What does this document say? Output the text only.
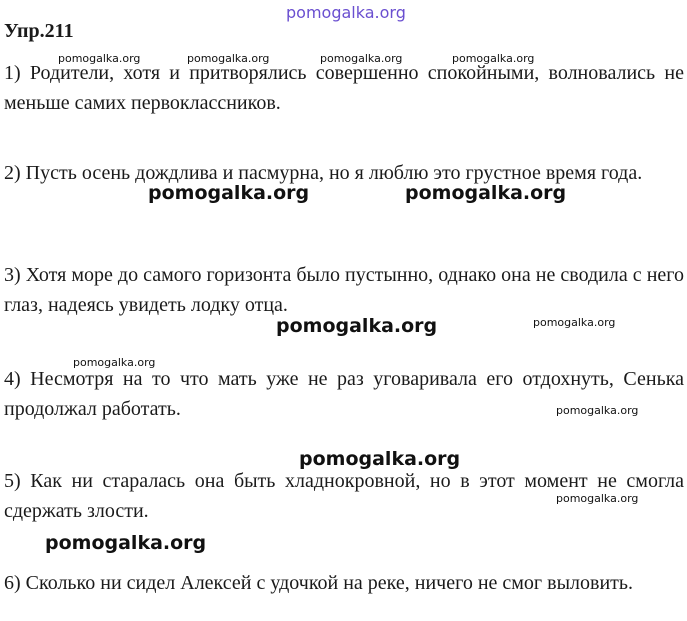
pomogalka.org
Упр.211
1) Родители, хотя и притворялись совершенно спокойными, волновались не меньше самих первоклассников.
2) Пусть осень дождлива и пасмурна, но я люблю это грустное время года.
3) Хотя море до самого горизонта было пустынно, однако она не сводила с него глаз, надеясь увидеть лодку отца.
4) Несмотря на то что мать уже не раз уговаривала его отдохнуть, Сенька продолжал работать.
5) Как ни старалась она быть хладнокровной, но в этот момент не смогла сдержать злости.
6) Сколько ни сидел Алексей с удочкой на реке, ничего не смог выловить.
pomogalka.org	pomogalka.org	pomogalka.org	pomogalka.org
pomogalka.org	pomogalka.org
pomogalka.org	pomogalka.org
pomogalka.org
pomogalka.org
pomogalka.org
pomogalka.org
pomogalka.org
